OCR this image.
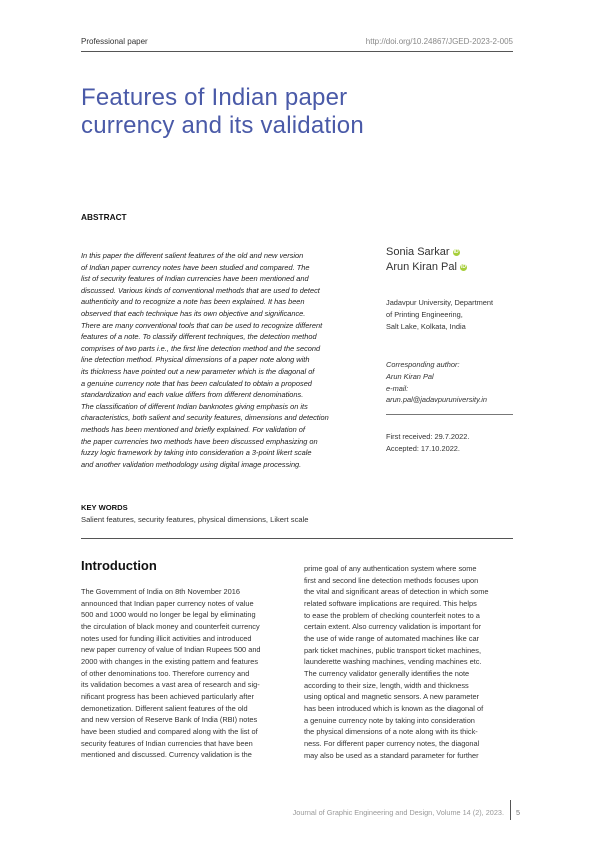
Professional paper	http://doi.org/10.24867/JGED-2023-2-005
Features of Indian paper currency and its validation
ABSTRACT
In this paper the different salient features of the old and new version
of Indian paper currency notes have been studied and compared. The
list of security features of Indian currencies have been mentioned and
discussed. Various kinds of conventional methods that are used to detect
authenticity and to recognize a note has been explained. It has been
observed that each technique has its own objective and significance.
There are many conventional tools that can be used to recognize different
features of a note. To classify different techniques, the detection method
comprises of two parts i.e., the first line detection method and the second
line detection method. Physical dimensions of a paper note along with
its thickness have pointed out a new parameter which is the diagonal of
a genuine currency note that has been calculated to obtain a proposed
standardization and each value differs from different denominations.
The classification of different Indian banknotes giving emphasis on its
characteristics, both salient and security features, dimensions and detection
methods has been mentioned and briefly explained. For validation of
the paper currencies two methods have been discussed emphasizing on
fuzzy logic framework by taking into consideration a 3-point likert scale
and another validation methodology using digital image processing.
Sonia Sarkar iD
Arun Kiran Pal iD
Jadavpur University, Department
of Printing Engineering,
Salt Lake, Kolkata, India
Corresponding author:
Arun Kiran Pal
e-mail:
arun.pal@jadavpuruniversity.in
First received: 29.7.2022.
Accepted: 17.10.2022.
KEY WORDS
Salient features, security features, physical dimensions, Likert scale
Introduction
The Government of India on 8th November 2016
announced that Indian paper currency notes of value
500 and 1000 would no longer be legal by eliminating
the circulation of black money and counterfeit currency
notes used for funding illicit activities and introduced
new paper currency of value of Indian Rupees 500 and
2000 with changes in the existing pattern and features
of other denominations too. Therefore currency and
its validation becomes a vast area of research and sig-
nificant progress has been achieved particularly after
demonetization. Different salient features of the old
and new version of Reserve Bank of India (RBI) notes
have been studied and compared along with the list of
security features of Indian currencies that have been
mentioned and discussed. Currency validation is the
prime goal of any authentication system where some
first and second line detection methods focuses upon
the vital and significant areas of detection in which some
related software implications are required. This helps
to ease the problem of checking counterfeit notes to a
certain extent. Also currency validation is important for
the use of wide range of automated machines like car
park ticket machines, public transport ticket machines,
launderette washing machines, vending machines etc.
The currency validator generally identifies the note
according to their size, length, width and thickness
using optical and magnetic sensors. A new parameter
has been introduced which is known as the diagonal of
a genuine currency note by taking into consideration
the physical dimensions of a note along with its thick-
ness. For different paper currency notes, the diagonal
may also be used as a standard parameter for further
Journal of Graphic Engineering and Design, Volume 14 (2), 2023. 5
